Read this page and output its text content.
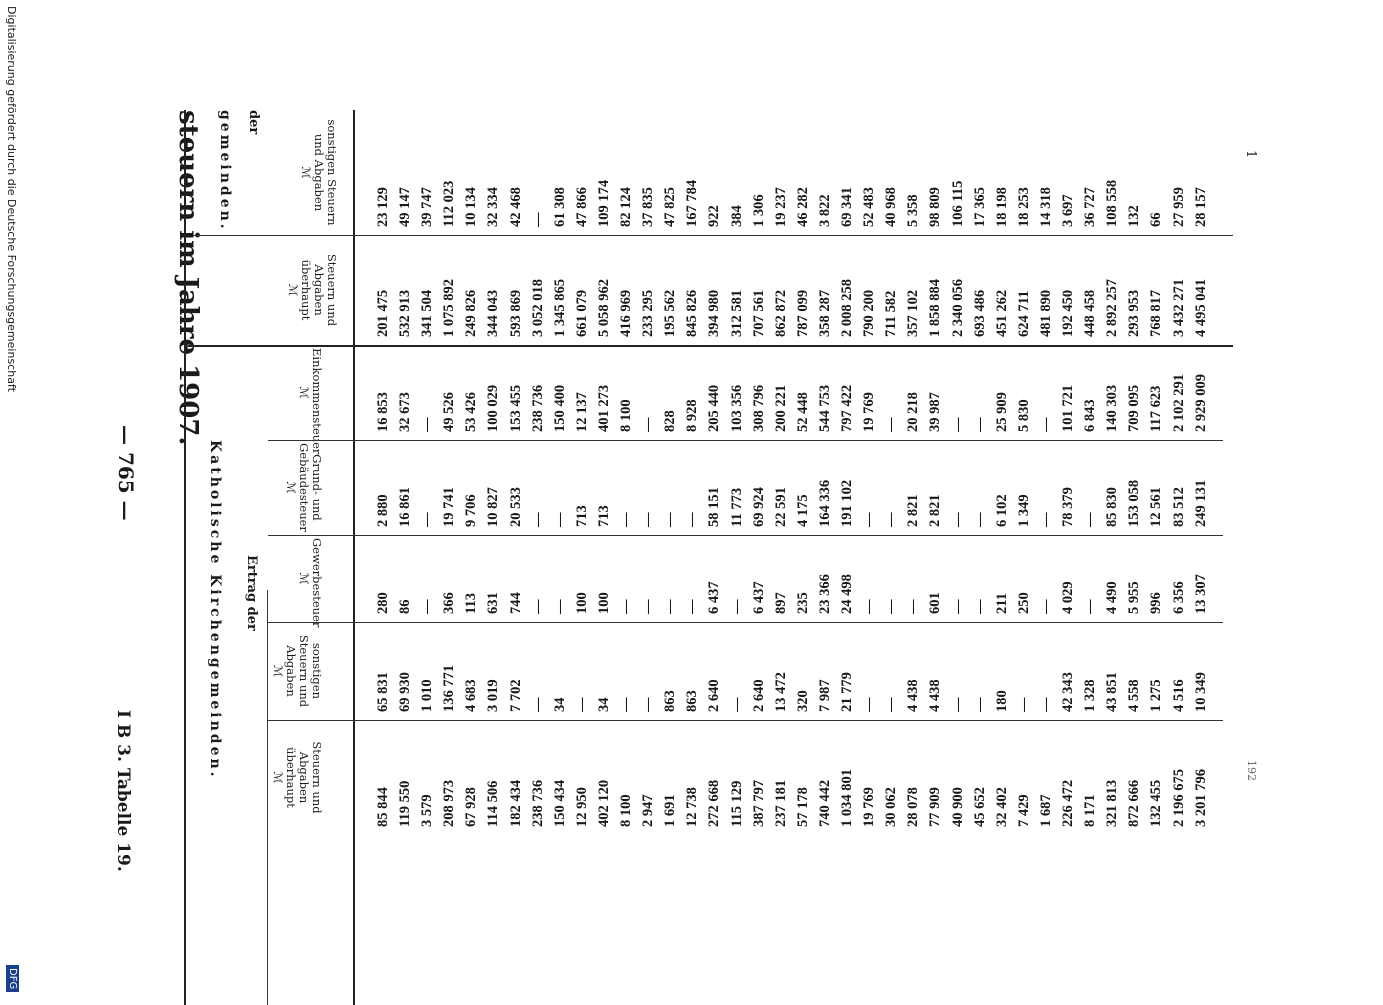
steuern im Jahre 1907.
— 765 —
I B 3. Tabelle 19.
gemeinden. der
Katholische Kirchengemeinden. Ertrag der
sonstigen Steuern und Abgaben
ℳ
Steuern und Abgaben überhaupt
ℳ
Einkommensteuer
ℳ
Grund- und Gebäudesteuer
ℳ
Gewerbesteuer
ℳ
sonstigen Steuern und Abgaben
ℳ
Steuern und Abgaben überhaupt
ℳ
23 129
201 475
16 853
2 880
280
65 831
85 844
49 147
532 913
32 673
16 861
86
69 930
119 550
39 747
341 504
—
—
—
1 010
3 579
112 023
1 075 892
49 526
19 741
366
136 771
208 973
10 134
249 826
53 426
9 706
113
4 683
67 928
32 334
344 043
100 029
10 827
631
3 019
114 506
42 468
593 869
153 455
20 533
744
7 702
182 434
—
3 052 018
238 736
—
—
—
238 736
61 308
1 345 865
150 400
—
—
34
150 434
47 866
661 079
12 137
713
100
—
12 950
109 174
5 058 962
401 273
713
100
34
402 120
82 124
416 969
8 100
—
—
—
8 100
37 835
233 295
—
—
—
—
2 947
47 825
195 562
828
—
—
863
1 691
167 784
845 826
8 928
—
—
863
12 738
922
394 980
205 440
58 151
6 437
2 640
272 668
384
312 581
103 356
11 773
—
—
115 129
1 306
707 561
308 796
69 924
6 437
2 640
387 797
19 237
862 872
200 221
22 591
897
13 472
237 181
46 282
787 099
52 448
4 175
235
320
57 178
3 822
358 287
544 753
164 336
23 366
7 987
740 442
69 341
2 008 258
797 422
191 102
24 498
21 779
1 034 801
52 483
790 200
19 769
—
—
—
19 769
40 968
711 582
—
—
—
—
30 062
5 358
357 102
20 218
2 821
—
4 438
28 078
98 809
1 858 884
39 987
2 821
601
4 438
77 909
106 115
2 340 056
—
—
—
—
40 900
17 365
693 486
—
—
—
—
45 652
18 198
451 262
25 909
6 102
211
180
32 402
18 253
624 711
5 830
1 349
250
—
7 429
14 318
481 890
—
—
—
—
1 687
3 697
192 450
101 721
78 379
4 029
42 343
226 472
36 727
448 458
6 843
—
—
1 328
8 171
108 558
2 892 257
140 303
85 830
4 490
43 851
321 813
132
293 953
709 095
153 058
5 955
4 558
872 666
66
768 817
117 623
12 561
996
1 275
132 455
27 959
3 432 271
2 102 291
83 512
6 356
4 516
2 196 675
28 157
4 495 041
2 929 009
249 131
13 307
10 349
3 201 796
1
192
Digitalisierung gefördert durch die Deutsche Forschungsgemeinschaft
DFG
